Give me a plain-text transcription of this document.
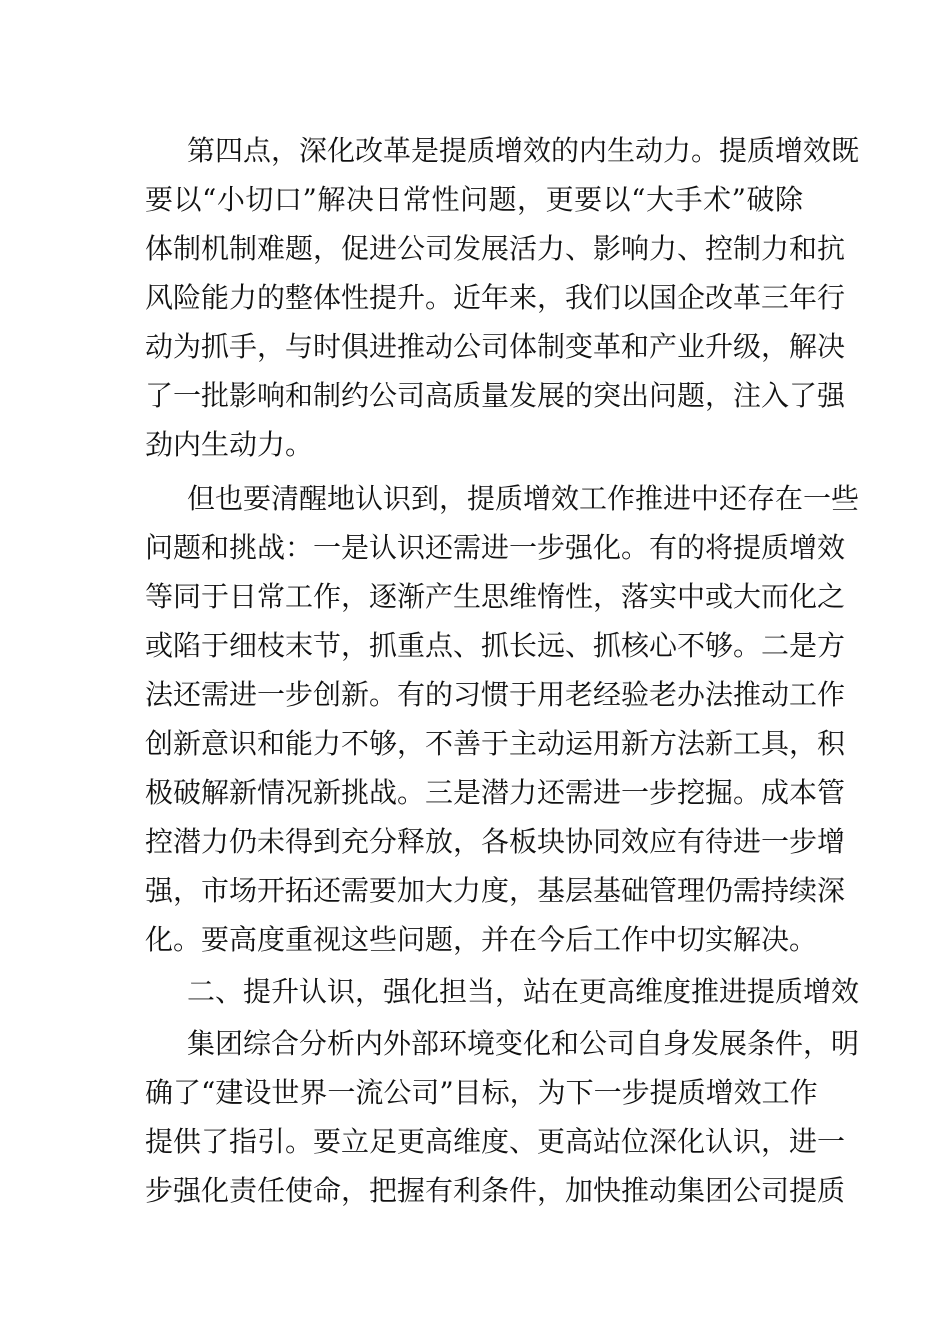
第四点，深化改革是提质增效的内生动力。提质增效既
要以“小切口”解决日常性问题，更要以“大手术”破除
体制机制难题，促进公司发展活力、影响力、控制力和抗
风险能力的整体性提升。近年来，我们以国企改革三年行
动为抓手，与时俱进推动公司体制变革和产业升级，解决
了一批影响和制约公司高质量发展的突出问题，注入了强
劲内生动力。
但也要清醒地认识到，提质增效工作推进中还存在一些
问题和挑战：一是认识还需进一步强化。有的将提质增效
等同于日常工作，逐渐产生思维惰性，落实中或大而化之
或陷于细枝末节，抓重点、抓长远、抓核心不够。二是方
法还需进一步创新。有的习惯于用老经验老办法推动工作
创新意识和能力不够，不善于主动运用新方法新工具，积
极破解新情况新挑战。三是潜力还需进一步挖掘。成本管
控潜力仍未得到充分释放，各板块协同效应有待进一步增
强，市场开拓还需要加大力度，基层基础管理仍需持续深
化。要高度重视这些问题，并在今后工作中切实解决。
二、提升认识，强化担当，站在更高维度推进提质增效
集团综合分析内外部环境变化和公司自身发展条件，明
确了“建设世界一流公司”目标，为下一步提质增效工作
提供了指引。要立足更高维度、更高站位深化认识，进一
步强化责任使命，把握有利条件，加快推动集团公司提质
